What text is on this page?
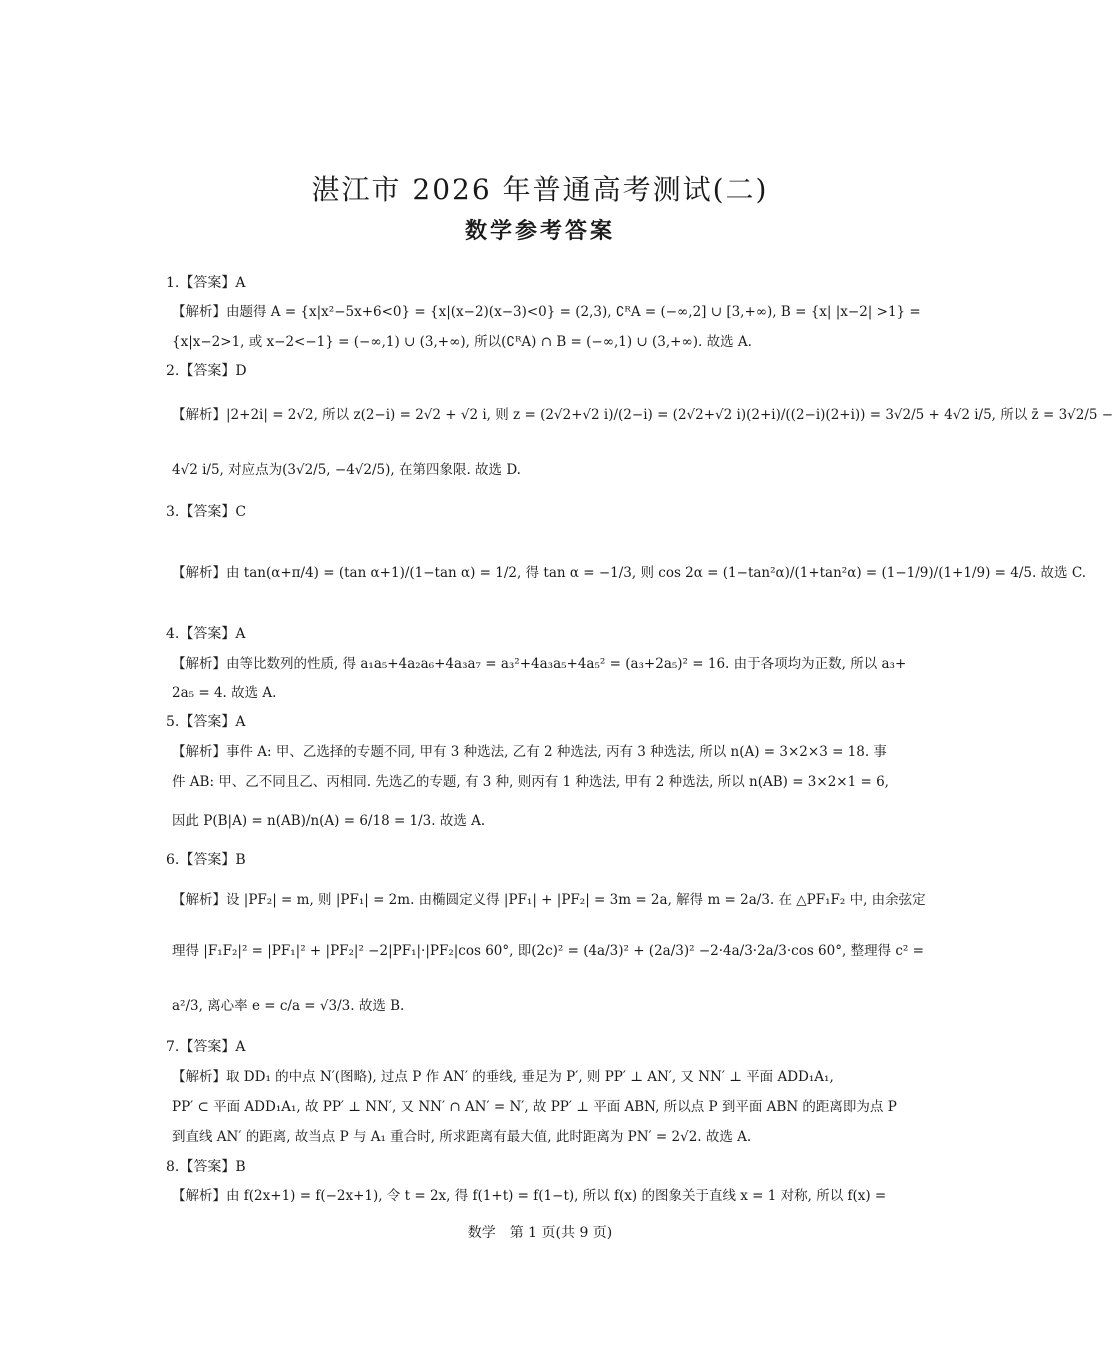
湛江市 2026 年普通高考测试(二)
数学参考答案
1.【答案】A
【解析】由题得 A = {x|x²−5x+6<0} = {x|(x−2)(x−3)<0} = (2,3), ∁ᴿA = (−∞,2] ∪ [3,+∞), B = {x| |x−2| >1} =
{x|x−2>1, 或 x−2<−1} = (−∞,1) ∪ (3,+∞), 所以(∁ᴿA) ∩ B = (−∞,1) ∪ (3,+∞). 故选 A.
2.【答案】D
【解析】|2+2i| = 2√2, 所以 z(2−i) = 2√2 + √2 i, 则 z = (2√2+√2 i)/(2−i) = (2√2+√2 i)(2+i)/((2−i)(2+i)) = 3√2/5 + 4√2 i/5, 所以 z̄ = 3√2/5 −
4√2 i/5, 对应点为(3√2/5, −4√2/5), 在第四象限. 故选 D.
3.【答案】C
【解析】由 tan(α+π/4) = (tan α+1)/(1−tan α) = 1/2, 得 tan α = −1/3, 则 cos 2α = (1−tan²α)/(1+tan²α) = (1−1/9)/(1+1/9) = 4/5. 故选 C.
4.【答案】A
【解析】由等比数列的性质, 得 a₁a₅+4a₂a₆+4a₃a₇ = a₃²+4a₃a₅+4a₅² = (a₃+2a₅)² = 16. 由于各项均为正数, 所以 a₃+
2a₅ = 4. 故选 A.
5.【答案】A
【解析】事件 A: 甲、乙选择的专题不同, 甲有 3 种选法, 乙有 2 种选法, 丙有 3 种选法, 所以 n(A) = 3×2×3 = 18. 事
件 AB: 甲、乙不同且乙、丙相同. 先选乙的专题, 有 3 种, 则丙有 1 种选法, 甲有 2 种选法, 所以 n(AB) = 3×2×1 = 6,
因此 P(B|A) = n(AB)/n(A) = 6/18 = 1/3. 故选 A.
6.【答案】B
【解析】设 |PF₂| = m, 则 |PF₁| = 2m. 由椭圆定义得 |PF₁| + |PF₂| = 3m = 2a, 解得 m = 2a/3. 在 △PF₁F₂ 中, 由余弦定
理得 |F₁F₂|² = |PF₁|² + |PF₂|² −2|PF₁|·|PF₂|cos 60°, 即(2c)² = (4a/3)² + (2a/3)² −2·4a/3·2a/3·cos 60°, 整理得 c² =
a²/3, 离心率 e = c/a = √3/3. 故选 B.
7.【答案】A
【解析】取 DD₁ 的中点 N′(图略), 过点 P 作 AN′ 的垂线, 垂足为 P′, 则 PP′ ⊥ AN′, 又 NN′ ⊥ 平面 ADD₁A₁,
PP′ ⊂ 平面 ADD₁A₁, 故 PP′ ⊥ NN′, 又 NN′ ∩ AN′ = N′, 故 PP′ ⊥ 平面 ABN, 所以点 P 到平面 ABN 的距离即为点 P
到直线 AN′ 的距离, 故当点 P 与 A₁ 重合时, 所求距离有最大值, 此时距离为 PN′ = 2√2. 故选 A.
8.【答案】B
【解析】由 f(2x+1) = f(−2x+1), 令 t = 2x, 得 f(1+t) = f(1−t), 所以 f(x) 的图象关于直线 x = 1 对称, 所以 f(x) =
数学　第 1 页(共 9 页)
